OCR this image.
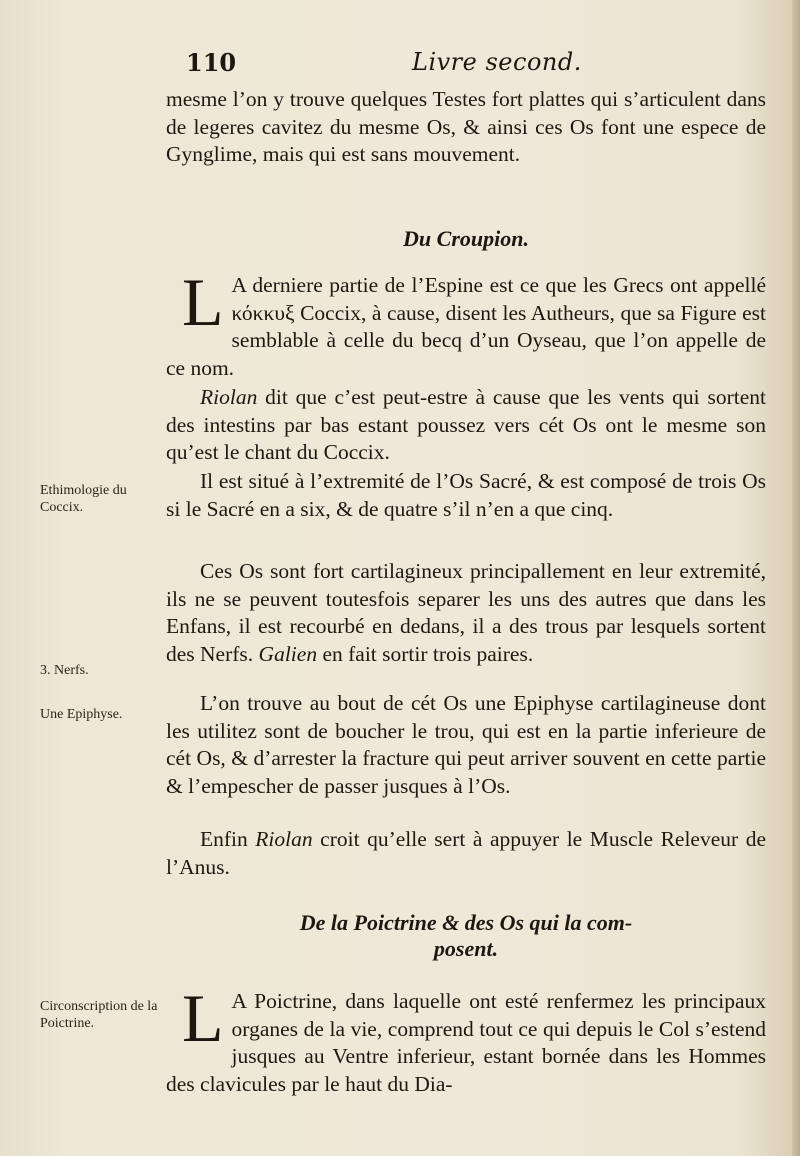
110	Livre second.

mesme l’on y trouve quelques Testes fort plattes qui s’articulent dans de legeres cavitez du mesme Os, & ainsi ces Os font une espece de Gynglime, mais qui est sans mouvement.

Du Croupion.
L A derniere partie de l’Espine est ce que les Grecs ont appellé κόκκυξ Coccix, à cause, disent les Autheurs, que sa Figure est semblable à celle du becq d’un Oyseau, que l’on appelle de ce nom.

Riolan dit que c’est peut-estre à cause que les vents qui sortent des intestins par bas estant poussez vers cét Os ont le mesme son qu’est le chant du Coccix.

Il est situé à l’extremité de l’Os Sacré, & est composé de trois Os si le Sacré en a six, & de quatre s’il n’en a que cinq.

Ces Os sont fort cartilagineux principallement en leur extremité, ils ne se peuvent toutesfois separer les uns des autres que dans les Enfans, il est recourbé en dedans, il a des trous par lesquels sortent des Nerfs. Galien en fait sortir trois paires.

L’on trouve au bout de cét Os une Epiphyse cartilagineuse dont les utilitez sont de boucher le trou, qui est en la partie inferieure de cét Os, & d’arrester la fracture qui peut arriver souvent en cette partie & l’empescher de passer jusques à l’Os.

Enfin Riolan croit qu’elle sert à appuyer le Muscle Releveur de l’Anus.

De la Poictrine & des Os qui la com-
posent.
L A Poictrine, dans laquelle ont esté renfermez les principaux organes de la vie, comprend tout ce qui depuis le Col s’estend jusques au Ventre inferieur, estant bornée dans les Hommes des clavicules par le haut du Dia-
Ethimologie du Coccix.
3. Nerfs.
Une Epiphyse.
Circonscription de la Poictrine.
